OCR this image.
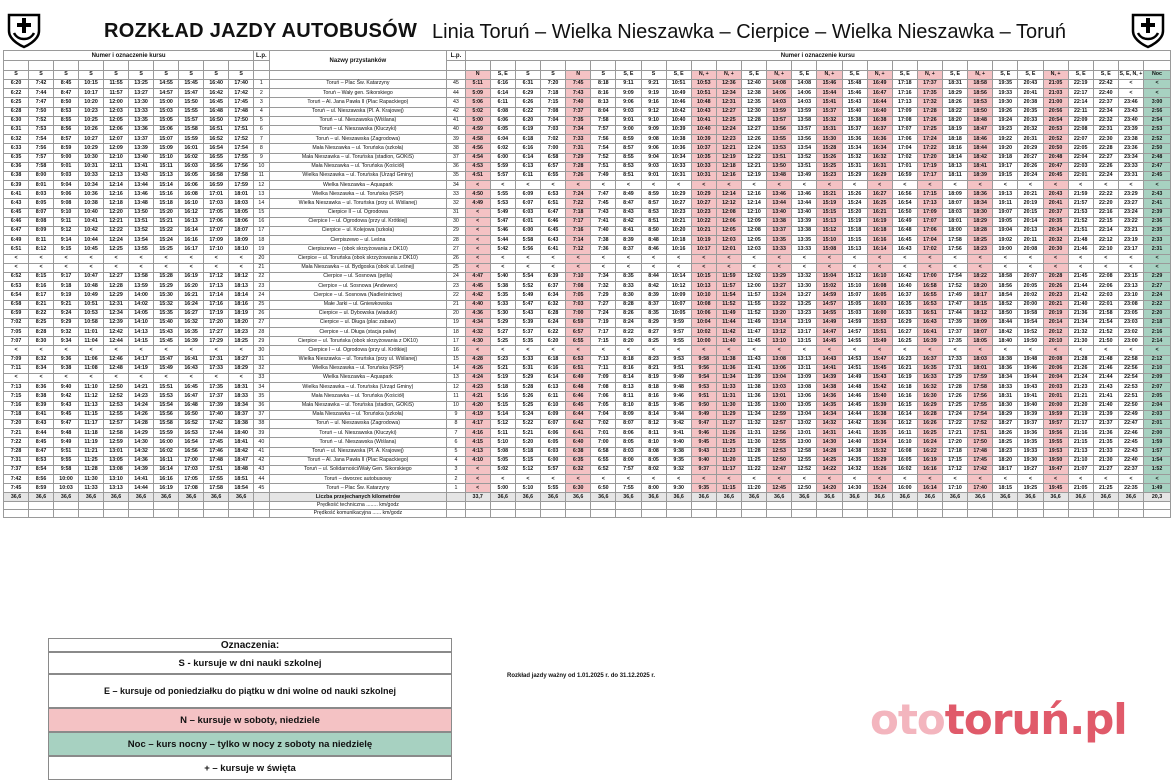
ROZKŁAD JAZDY AUTOBUSÓW Linia Toruń – Wielka Nieszawka – Cierpice – Wielka Nieszawka – Toruń
Numer i oznaczenie kursu										L.p.	Nazwy przystanków	L.p.	Numer i oznaczenie kursu																											

S	S	S	S	S	S	S	S	S	S				N	S, E	S	S	N	S	S, E	S	S, E	N, +	N, +	S, E	N, +	S, E	N, +	S, E	N, +	S, E	N, +	S, E	N, +	S, E	S, E	N, +	S, E	S, E	S, E, N, +	Noc
6:20	7:42	8:45	10:15	11:55	13:25	14:55	15:45	16:40	17:40	1	Toruń – Plac Św. Katarzyny	45	5:11	6:16	6:31	7:20	7:45	8:18	9:11	9:21	10:51	10:53	12:36	12:40	14:08	14:08	15:46	15:48	16:49	17:18	17:37	18:31	18:58	19:35	20:43	21:05	22:19	22:42	<	<
6:22	7:44	8:47	10:17	11:57	13:27	14:57	15:47	16:42	17:42	2	Toruń – Wały gen. Sikorskiego	44	5:09	6:14	6:29	7:18	7:43	8:16	9:09	9:19	10:49	10:51	12:34	12:38	14:06	14:06	15:44	15:46	16:47	17:16	17:35	18:29	18:56	19:33	20:41	21:03	22:17	22:40	<	<
6:25	7:47	8:50	10:20	12:00	13:30	15:00	15:50	16:45	17:45	3	Toruń – Al. Jana Pawła II (Plac Rapackiego)	43	5:06	6:11	6:26	7:15	7:40	8:13	9:06	9:16	10:46	10:48	12:31	12:35	14:03	14:03	15:41	15:43	16:44	17:13	17:32	18:26	18:53	19:30	20:38	21:00	22:14	22:37	23:46	3:00
6:28	7:50	8:53	10:23	12:03	13:33	15:03	15:55	16:48	17:48	4	Toruń – ul. Nieszawska (Pl. A. Krajowej)	42	5:02	6:08	6:22	7:08	7:37	8:04	9:03	9:12	10:42	10:43	12:27	12:30	13:59	13:59	15:37	15:40	16:40	17:09	17:28	18:22	18:50	19:26	20:35	20:56	22:11	22:34	23:43	2:56
6:30	7:52	8:55	10:25	12:05	13:35	15:05	15:57	16:50	17:50	5	Toruń – ul. Nieszawska (Wiślana)	41	5:00	6:06	6:20	7:04	7:35	7:58	9:01	9:10	10:40	10:41	12:25	12:28	13:57	13:58	15:32	15:38	16:38	17:08	17:26	18:20	18:48	19:24	20:33	20:54	22:09	22:32	23:40	2:54
6:31	7:53	8:56	10:26	12:06	13:36	15:06	15:58	16:51	17:51	6	Toruń – ul. Nieszawska (Kluczyki)	40	4:59	6:05	6:19	7:03	7:34	7:57	9:00	9:09	10:39	10:40	12:24	12:27	13:56	13:57	15:31	15:37	16:37	17:07	17:25	18:19	18:47	19:23	20:32	20:53	22:08	22:31	23:39	2:53
6:32	7:54	8:57	10:27	12:07	13:37	15:07	15:59	16:52	17:52	7	Toruń – ul. Nieszawska (Zagrodowa)	39	4:58	6:04	6:18	7:02	7:33	7:56	8:59	9:08	10:38	10:39	12:23	12:26	13:55	13:56	15:30	15:36	16:36	17:06	17:24	18:18	18:46	19:22	20:31	20:52	22:07	22:30	23:38	2:52
6:33	7:56	8:59	10:29	12:09	13:39	15:09	16:01	16:54	17:54	8	Mała Nieszawka – ul. Toruńska (szkoła)	38	4:56	6:02	6:16	7:00	7:31	7:54	8:57	9:06	10:36	10:37	12:21	12:24	13:53	13:54	15:28	15:34	16:34	17:04	17:22	18:16	18:44	19:20	20:29	20:50	22:05	22:28	23:36	2:50
6:35	7:57	9:00	10:30	12:10	13:40	15:10	16:02	16:55	17:55	9	Mała Nieszawka – ul. Toruńska (stadion, GOKiS)	37	4:54	6:00	6:14	6:58	7:29	7:52	8:55	9:04	10:34	10:35	12:19	12:22	13:51	13:52	15:26	15:32	16:32	17:02	17:20	18:14	18:42	19:18	20:27	20:48	22:04	22:27	23:34	2:48
6:36	7:58	9:01	10:31	12:11	13:41	15:11	16:03	16:56	17:56	10	Mała Nieszawka – ul. Toruńska (Kościół)	36	4:53	5:59	6:13	6:57	7:28	7:51	8:53	9:03	10:33	10:33	12:18	12:21	13:50	13:51	15:25	15:31	16:31	17:01	17:19	18:13	18:41	19:17	20:26	20:47	22:03	22:26	23:33	2:47
6:38	8:00	9:03	10:33	12:13	13:43	15:13	16:05	16:58	17:58	11	Wielka Nieszawka – ul. Toruńska (Urząd Gminy)	35	4:51	5:57	6:11	6:55	7:26	7:49	8:51	9:01	10:31	10:31	12:16	12:19	13:48	13:49	15:23	15:29	16:29	16:59	17:17	18:11	18:39	19:15	20:24	20:45	22:01	22:24	23:31	2:45
6:39	8:01	9:04	10:34	12:14	13:44	15:14	16:06	16:59	17:59	12	Wielka Nieszawka – Aquapark	34	<	<	<	<	<	<	<	<	<	<	<	<	<	<	<	<	<	<	<	<	<	<	<	<	<	<	<	<
6:41	8:03	9:06	10:36	12:16	13:46	15:16	16:08	17:01	18:01	13	Wielka Nieszawka – ul. Toruńska (RSP)	33	4:50	5:55	6:09	6:53	7:24	7:47	8:49	8:59	10:29	10:29	12:14	12:16	13:46	13:46	15:21	15:26	16:27	16:56	17:15	18:09	18:36	19:13	20:21	20:43	21:59	22:22	23:29	2:43
6:43	8:05	9:08	10:38	12:18	13:48	15:18	16:10	17:03	18:03	14	Wielka Nieszawka – ul. Toruńska (przy ul. Wiślanej)	32	4:49	5:53	6:07	6:51	7:22	7:45	8:47	8:57	10:27	10:27	12:12	12:14	13:44	13:44	15:19	15:24	16:25	16:54	17:13	18:07	18:34	19:11	20:19	20:41	21:57	22:20	23:27	2:41
6:45	8:07	9:10	10:40	12:20	13:50	15:20	16:12	17:05	18:05	15	Cierpice II – ul. Ogrodowa	31	<	5:49	6:03	6:47	7:18	7:43	8:43	8:53	10:23	10:23	12:08	12:10	13:40	13:40	15:15	15:20	16:21	16:50	17:09	18:03	18:30	19:07	20:15	20:37	21:53	22:16	23:24	2:39
6:46	8:08	9:11	10:41	12:21	13:51	15:21	16:13	17:06	18:06	16	Cierpice I – ul. Ogrodowa (przy ul. Krótkiej)	30	<	5:47	6:01	6:46	7:17	7:41	8:42	8:51	10:21	10:22	12:06	12:09	13:38	13:39	15:13	15:19	16:19	16:49	17:07	18:01	18:29	19:05	20:14	20:35	21:52	22:15	23:22	2:36
6:47	8:09	9:12	10:42	12:22	13:52	15:22	16:14	17:07	18:07	17	Cierpice – ul. Kolejowa (szkoła)	29	<	5:46	6:00	6:45	7:16	7:40	8:41	8:50	10:20	10:21	12:05	12:08	13:37	13:38	15:12	15:18	16:18	16:48	17:06	18:00	18:28	19:04	20:13	20:34	21:51	22:14	23:21	2:35
6:49	8:11	9:14	10:44	12:24	13:54	15:24	16:16	17:09	18:09	18	Cierpiszewo – ul. Leśna	28	<	5:44	5:58	6:43	7:14	7:38	8:39	8:48	10:18	10:19	12:03	12:05	13:35	13:35	15:10	15:15	16:16	16:45	17:04	17:58	18:25	19:02	20:11	20:32	21:48	22:12	23:19	2:33
6:51	8:12	9:15	10:45	12:25	13:55	15:25	16:17	17:10	18:10	19	Cierpiszewo – (obok skrzyżowania z DK10)	27	<	5:42	5:56	6:41	7:12	7:36	8:37	8:46	10:16	10:17	12:01	12:03	13:33	13:33	15:08	15:13	16:14	16:43	17:02	17:56	18:23	19:00	20:08	20:30	21:46	22:10	23:17	2:31
<	<	<	<	<	<	<	<	<	<	20	Cierpice – ul. Toruńska (obok skrzyżowania z DK10)	26	<	<	<	<	<	<	<	<	<	<	<	<	<	<	<	<	<	<	<	<	<	<	<	<	<	<	<	<
<	<	<	<	<	<	<	<	<	<	21	Mała Nieszawka – ul. Bydgoska (obok ul. Leśnej)	25	<	<	<	<	<	<	<	<	<	<	<	<	<	<	<	<	<	<	<	<	<	<	<	<	<	<	<	<
6:52	8:15	9:17	10:47	12:27	13:58	15:28	16:19	17:12	18:12	22	Cierpice – ul. Sosnowa (pętla)	24	4:47	5:40	5:54	6:39	7:10	7:34	8:35	8:44	10:14	10:15	11:59	12:02	13:29	13:32	15:04	15:12	16:10	16:42	17:00	17:54	18:22	18:58	20:07	20:28	21:45	22:08	23:15	2:29
6:53	8:16	9:18	10:48	12:28	13:59	15:29	16:20	17:13	18:13	23	Cierpice – ul. Sosnowa (Andewex)	23	4:45	5:38	5:52	6:37	7:08	7:32	8:33	8:42	10:12	10:13	11:57	12:00	13:27	13:30	15:02	15:10	16:08	16:40	16:58	17:52	18:20	18:56	20:05	20:26	21:44	22:06	23:13	2:27
6:54	8:17	9:19	10:49	12:29	14:00	15:30	16:21	17:14	18:14	24	Cierpice – ul. Sosnowa (Nadleśnictwo)	22	4:42	5:35	5:49	6:34	7:05	7:29	8:30	8:39	10:09	10:10	11:54	11:57	13:24	13:27	14:59	15:07	16:05	16:37	16:55	17:49	18:17	18:54	20:02	20:23	21:42	22:03	23:10	2:24
6:58	8:21	9:21	10:51	12:31	14:02	15:32	16:24	17:16	18:16	25	Małe Jarki – ul. Gniewkowska	21	4:40	5:33	5:47	6:32	7:03	7:27	8:28	8:37	10:07	10:08	11:52	11:55	13:22	13:25	14:57	15:05	16:03	16:35	16:53	17:47	18:15	18:52	20:00	20:21	21:40	22:01	23:08	2:22
6:59	8:22	9:24	10:53	12:34	14:05	15:35	16:27	17:19	18:19	26	Cierpice – ul. Dybowska (wiadukt)	20	4:36	5:30	5:43	6:28	7:00	7:24	8:26	8:35	10:05	10:06	11:49	11:52	13:20	13:23	14:55	15:03	16:00	16:33	16:51	17:44	18:12	18:50	19:58	20:19	21:36	21:58	23:05	2:20
7:02	8:25	9:29	10:58	12:39	14:10	15:40	16:32	17:20	18:20	27	Cierpice – ul. Długa (plac zabaw)	19	4:34	5:29	5:39	6:24	6:59	7:19	8:24	8:29	9:59	10:04	11:44	11:49	13:14	13:19	14:49	14:59	15:53	16:29	16:43	17:39	18:09	18:44	19:54	20:14	21:34	21:54	23:03	2:18
7:05	8:28	9:32	11:01	12:42	14:13	15:43	16:35	17:27	18:23	28	Cierpice – ul. Długa (stacja paliw)	18	4:32	5:27	5:37	6:22	6:57	7:17	8:22	8:27	9:57	10:02	11:42	11:47	13:12	13:17	14:47	14:57	15:51	16:27	16:41	17:37	18:07	18:42	19:52	20:12	21:32	21:52	23:02	2:16
7:07	8:30	9:34	11:04	12:44	14:15	15:45	16:39	17:29	18:25	29	Cierpice – ul. Toruńska (obok skrzyżowania z DK10)	17	4:30	5:25	5:35	6:20	6:55	7:15	8:20	8:25	9:55	10:00	11:40	11:45	13:10	13:15	14:45	14:55	15:49	16:25	16:39	17:35	18:05	18:40	19:50	20:10	21:30	21:50	23:00	2:14
<	<	<	<	<	<	<	<	<	<	30	Cierpice I – ul. Ogrodowa (przy ul. Krótkiej)	16	<	<	<	<	<	<	<	<	<	<	<	<	<	<	<	<	<	<	<	<	<	<	<	<	<	<	<	<
7:09	8:32	9:36	11:06	12:46	14:17	15:47	16:41	17:31	18:27	31	Wielka Nieszawka – ul. Toruńska (przy ul. Wiślanej)	15	4:28	5:23	5:33	6:18	6:53	7:13	8:18	8:23	9:53	9:58	11:38	11:43	13:08	13:13	14:43	14:53	15:47	16:23	16:37	17:33	18:03	18:38	19:48	20:08	21:28	21:48	22:58	2:12
7:11	8:34	9:38	11:08	12:48	14:19	15:49	16:43	17:33	18:29	32	Wielka Nieszawka – ul. Toruńska (RSP)	14	4:26	5:21	5:31	6:16	6:51	7:11	8:16	8:21	9:51	9:56	11:36	11:41	13:06	13:11	14:41	14:51	15:45	16:21	16:35	17:31	18:01	18:36	19:46	20:06	21:26	21:46	22:56	2:10
<	<	<	<	<	<	<	<	<	<	33	Wielka Nieszawka – Aquapark	13	4:24	5:19	5:29	6:14	6:49	7:09	8:14	8:19	9:49	9:54	11:34	11:39	13:04	13:09	14:39	14:49	15:43	16:19	16:33	17:29	17:59	18:34	19:44	20:04	21:24	21:44	22:54	2:09
7:13	8:36	9:40	11:10	12:50	14:21	15:51	16:45	17:35	18:31	34	Wielka Nieszawka – ul. Toruńska (Urząd Gminy)	12	4:23	5:18	5:28	6:13	6:48	7:08	8:13	8:18	9:48	9:53	11:33	11:38	13:03	13:08	14:38	14:48	15:42	16:18	16:32	17:28	17:58	18:33	19:43	20:03	21:23	21:43	22:53	2:07
7:15	8:38	9:42	11:12	12:52	14:23	15:53	16:47	17:37	18:33	35	Mała Nieszawka – ul. Toruńska (Kościół)	11	4:21	5:16	5:26	6:11	6:46	7:06	8:11	8:16	9:46	9:51	11:31	11:36	13:01	13:06	14:36	14:46	15:40	16:16	16:30	17:26	17:56	18:31	19:41	20:01	21:21	21:41	22:51	2:05
7:16	8:39	9:43	11:13	12:53	14:24	15:54	16:48	17:39	18:34	36	Mała Nieszawka – ul. Toruńska (stadion, GOKiS)	10	4:20	5:15	5:25	6:10	6:45	7:05	8:10	8:15	9:45	9:50	11:30	11:35	13:00	13:05	14:35	14:45	15:39	16:15	16:29	17:25	17:55	18:30	19:40	20:00	21:20	21:40	22:50	2:04
7:18	8:41	9:45	11:15	12:55	14:26	15:56	16:50	17:40	18:37	37	Mała Nieszawka – ul. Toruńska (szkoła)	9	4:19	5:14	5:24	6:09	6:44	7:04	8:09	8:14	9:44	9:49	11:29	11:34	12:59	13:04	14:34	14:44	15:38	16:14	16:28	17:24	17:54	18:29	19:39	19:59	21:19	21:39	22:49	2:03
7:20	8:43	9:47	11:17	12:57	14:28	15:58	16:52	17:42	18:38	38	Toruń – ul. Nieszawska (Zagrodowa)	8	4:17	5:12	5:22	6:07	6:42	7:02	8:07	8:12	9:42	9:47	11:27	11:32	12:57	13:02	14:32	14:42	15:36	16:12	16:26	17:22	17:52	18:27	19:37	19:57	21:17	21:37	22:47	2:01
7:21	8:44	9:48	11:18	12:58	14:29	15:59	16:53	17:44	18:40	39	Toruń – ul. Nieszawska (Kluczyki)	7	4:16	5:11	5:21	6:06	6:41	7:01	8:06	8:11	9:41	9:46	11:26	11:31	12:56	13:01	14:31	14:41	15:35	16:11	16:25	17:21	17:51	18:26	19:36	19:56	21:16	21:36	22:46	2:00
7:22	8:45	9:49	11:19	12:59	14:30	16:00	16:54	17:45	18:41	40	Toruń – ul. Nieszawska (Wiślana)	6	4:15	5:10	5:20	6:05	6:40	7:00	8:05	8:10	9:40	9:45	11:25	11:30	12:55	13:00	14:30	14:40	15:34	16:10	16:24	17:20	17:50	18:25	19:35	19:55	21:15	21:35	22:45	1:59
7:28	8:47	9:51	11:21	13:01	14:32	16:02	16:56	17:46	18:42	41	Toruń – ul. Nieszawska (Pl. A. Krajowej)	5	4:13	5:08	5:18	6:03	6:38	6:58	8:03	8:08	9:38	9:43	11:23	11:28	12:53	12:58	14:28	14:38	15:32	16:08	16:22	17:18	17:48	18:23	19:33	19:53	21:13	21:33	22:43	1:57
7:31	8:53	9:55	11:25	13:05	14:36	16:11	17:00	17:48	18:47	42	Toruń – Al. Jana Pawła II (Plac Rapackiego)	4	4:10	5:05	5:15	6:00	6:35	6:55	8:00	8:05	9:35	9:40	11:20	11:25	12:50	12:55	14:25	14:35	15:29	16:05	16:19	17:15	17:45	18:20	19:30	19:50	21:10	21:30	22:40	1:54
7:37	8:54	9:58	11:28	13:08	14:39	16:14	17:03	17:51	18:48	43	Toruń – ul. Solidarności/Wały Gen. Sikorskiego	3	<	5:02	5:12	5:57	6:32	6:52	7:57	8:02	9:32	9:37	11:17	11:22	12:47	12:52	14:22	14:32	15:26	16:02	16:16	17:12	17:42	18:17	19:27	19:47	21:07	21:27	22:37	1:52
7:42	8:56	10:00	11:30	13:10	14:41	16:16	17:05	17:55	18:51	44	Toruń – dworzec autobusowy	2	<	<	<	<	<	<	<	<	<	<	<	<	<	<	<	<	<	<	<	<	<	<	<	<	<	<	<	<
7:45	8:59	10:03	11:33	13:13	14:44	16:19	17:08	17:58	18:54	45	Toruń – Plac Św. Katarzyny	1	<	5:00	5:10	5:55	6:30	6:50	7:55	8:00	9:30	9:35	11:15	11:20	12:45	12:50	14:20	14:30	15:24	16:00	16:14	17:10	17:40	18:15	19:25	19:45	21:05	21:25	22:35	1:49
36,6	36,6	36,6	36,6	36,6	36,6	36,6	36,6	36,6	36,6		Liczba przejechanych kilometrów		33,7	36,6	36,6	36,6	36,6	36,6	36,6	36,6	36,6	36,6	36,6	36,6	36,6	36,6	36,6	36,6	36,6	36,6	36,6	36,6	36,6	36,6	36,6	36,6	36,6	36,6	36,6	20,3
											Prędkość techniczna ........ km/godz																													
											Prędkość komunikacyjna ...... km/godz																													
Oznaczenia:
S - kursuje w dni nauki szkolnej
E – kursuje od poniedziałku do piątku w dni wolne od nauki szkolnej
N – kursuje w soboty, niedziele
Noc – kurs nocny – tylko w nocy z soboty na niedzielę
+ – kursuje w święta
Rozkład jazdy ważny od 1.01.2025 r. do 31.12.2025 r.
ototoruń.pl
